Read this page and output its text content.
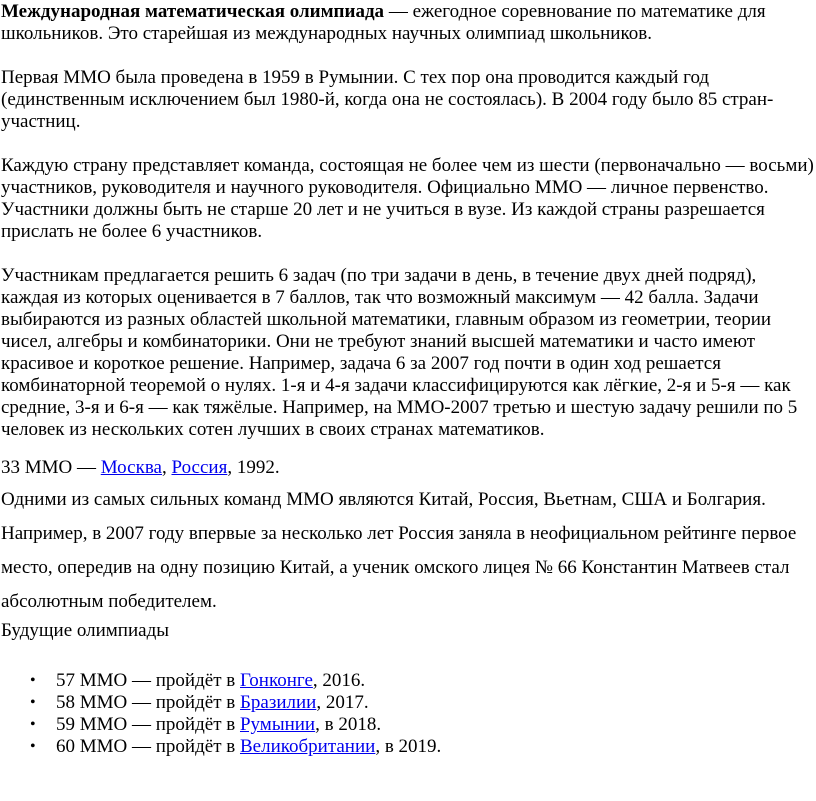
Международная математическая олимпиада — ежегодное соревнование по математике для школьников. Это старейшая из международных научных олимпиад школьников.

Первая ММО была проведена в 1959 в Румынии. С тех пор она проводится каждый год (единственным исключением был 1980-й, когда она не состоялась). В 2004 году было 85 стран-участниц.

Каждую страну представляет команда, состоящая не более чем из шести (первоначально — восьми) участников, руководителя и научного руководителя. Официально ММО — личное первенство. Участники должны быть не старше 20 лет и не учиться в вузе. Из каждой страны разрешается прислать не более 6 участников.

Участникам предлагается решить 6 задач (по три задачи в день, в течение двух дней подряд), каждая из которых оценивается в 7 баллов, так что возможный максимум — 42 балла. Задачи выбираются из разных областей школьной математики, главным образом из геометрии, теории чисел, алгебры и комбинаторики. Они не требуют знаний высшей математики и часто имеют красивое и короткое решение. Например, задача 6 за 2007 год почти в один ход решается комбинаторной теоремой о нулях. 1-я и 4-я задачи классифицируются как лёгкие, 2-я и 5-я — как средние, 3-я и 6-я — как тяжёлые. Например, на ММО-2007 третью и шестую задачу решили по 5 человек из нескольких сотен лучших в своих странах математиков.

33 ММО — Москва, Россия, 1992.

Одними из самых сильных команд ММО являются Китай, Россия, Вьетнам, США и Болгария. Например, в 2007 году впервые за несколько лет Россия заняла в неофициальном рейтинге первое место, опередив на одну позицию Китай, а ученик омского лицея № 66 Константин Матвеев стал абсолютным победителем.

Будущие олимпиады

• 57 ММО — пройдёт в Гонконге, 2016.
• 58 ММО — пройдёт в Бразилии, 2017.
• 59 ММО — пройдёт в Румынии, в 2018.
• 60 ММО — пройдёт в Великобритании, в 2019.
